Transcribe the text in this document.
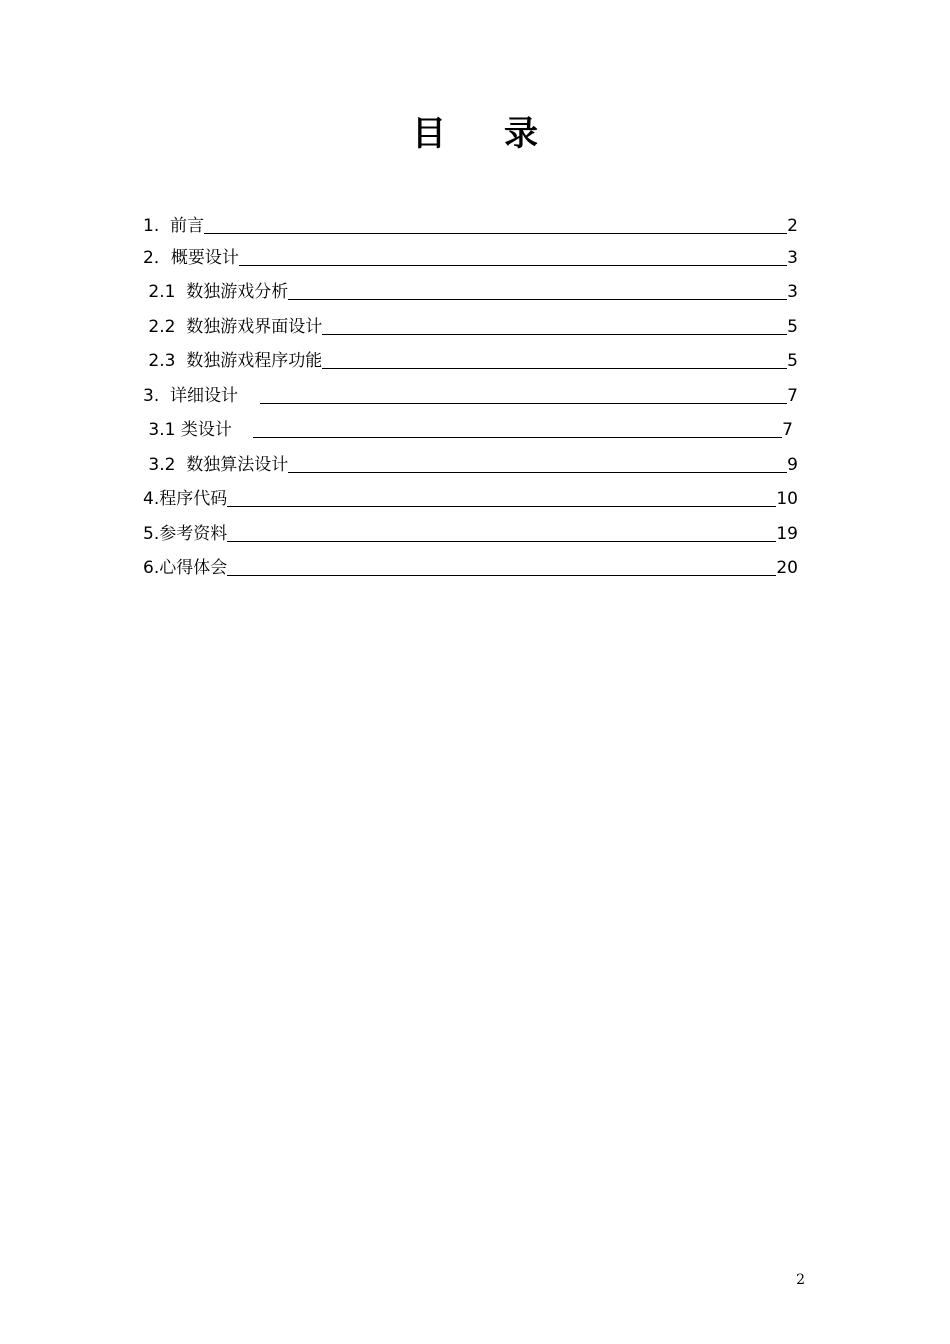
目 录
1.  前言	2
2．概要设计	3
2.1  数独游戏分析	3
2.2  数独游戏界面设计	5
2.3  数独游戏程序功能	5
3.  详细设计	7
3.1 类设计	7
3.2  数独算法设计	9
4.程序代码	10
5.参考资料	19
6.心得体会	20
2
